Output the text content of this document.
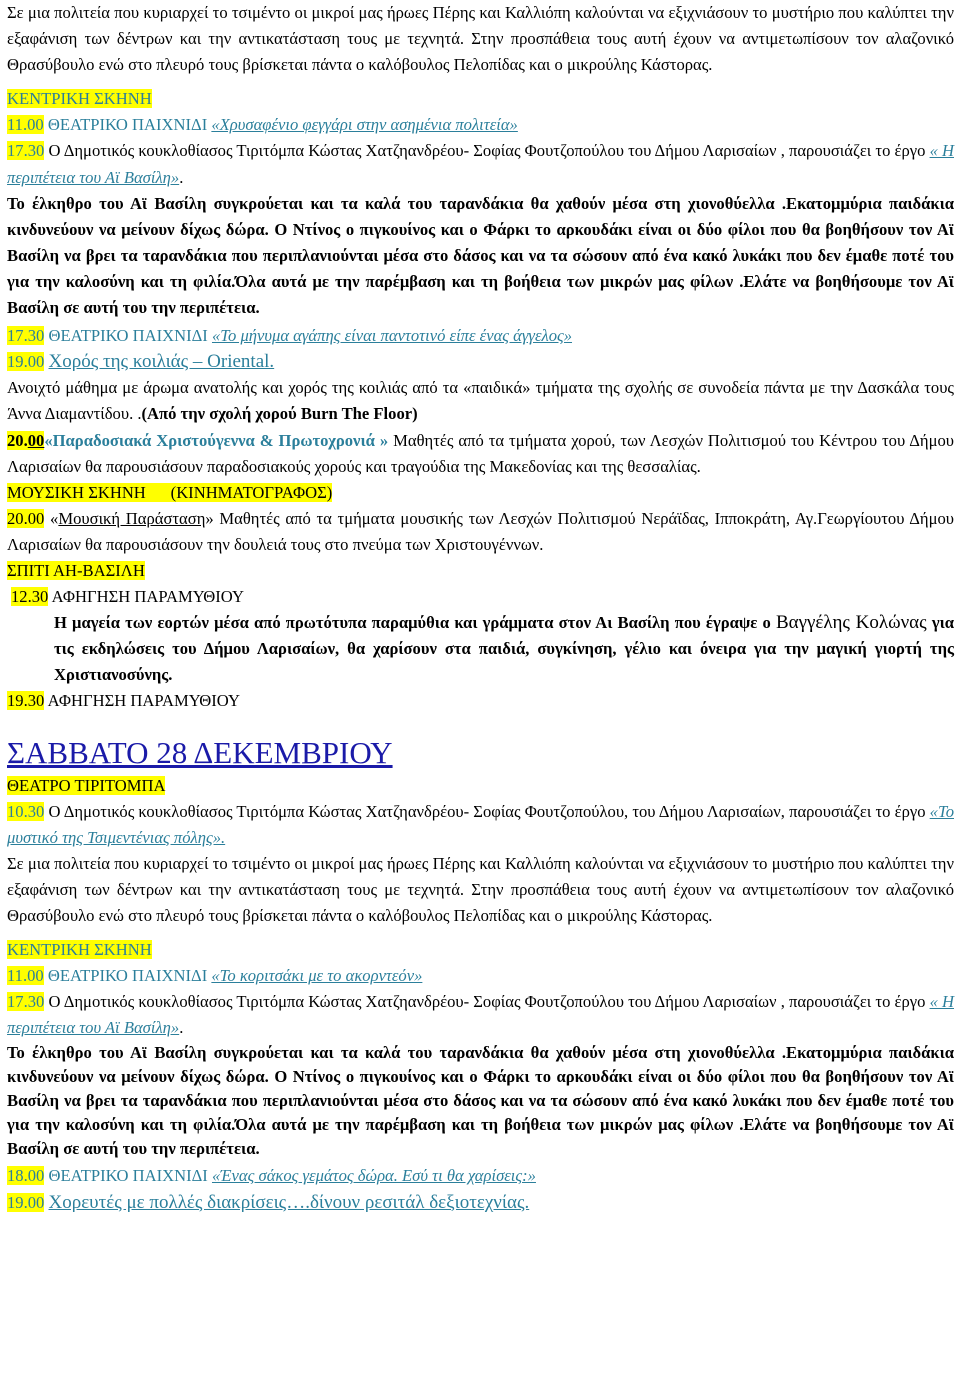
Σε μια πολιτεία που κυριαρχεί το τσιμέντο οι μικροί μας ήρωες Πέρης και Καλλιόπη καλούνται να εξιχνιάσουν το μυστήριο που καλύπτει την εξαφάνιση των δέντρων και την αντικατάσταση τους με τεχνητά. Στην προσπάθεια τους αυτή έχουν να αντιμετωπίσουν τον αλαζονικό Θρασύβουλο ενώ στο πλευρό τους βρίσκεται πάντα ο καλόβουλος Πελοπίδας και ο μικρούλης Κάστορας.

ΚΕΝΤΡΙΚΗ ΣΚΗΝΗ

11.00 ΘΕΑΤΡΙΚΟ ΠΑΙΧΝΙΔΙ «Χρυσαφένιο φεγγάρι στην ασημένια πολιτεία»

17.30 Ο Δημοτικός κουκλοθίασος Τιριτόμπα Κώστας Χατζηανδρέου- Σοφίας Φουτζοπούλου του Δήμου Λαρισαίων , παρουσιάζει το έργο « Η περιπέτεια του Αϊ Βασίλη».

Το έλκηθρο του Αϊ Βασίλη συγκρούεται και τα καλά του ταρανδάκια θα χαθούν μέσα στη χιονοθύελλα .Εκατομμύρια παιδάκια κινδυνεύουν να μείνουν δίχως δώρα. Ο Ντίνος ο πιγκουίνος και ο Φάρκι το αρκουδάκι είναι οι δύο φίλοι που θα βοηθήσουν τον Αϊ Βασίλη να βρει τα ταρανδάκια που περιπλανιούνται μέσα στο δάσος και να τα σώσουν από ένα κακό λυκάκι που δεν έμαθε ποτέ του για την καλοσύνη και τη φιλία.Όλα αυτά με την παρέμβαση και τη βοήθεια των μικρών μας φίλων .Ελάτε να βοηθήσουμε τον Αϊ Βασίλη σε αυτή του την περιπέτεια.

17.30 ΘΕΑΤΡΙΚΟ ΠΑΙΧΝΙΔΙ «Το μήνυμα αγάπης είναι παντοτινό είπε ένας άγγελος»

19.00 Χορός της κοιλιάς – Oriental.

Ανοιχτό μάθημα με άρωμα ανατολής και χορός της κοιλιάς από τα «παιδικά» τμήματα της σχολής σε συνοδεία πάντα με την Δασκάλα τους Άννα Διαμαντίδου. .(Από την σχολή χορού Burn The Floor)

20.00«Παραδοσιακά Χριστούγεννα & Πρωτοχρονιά » Μαθητές από τα τμήματα χορού, των Λεσχών Πολιτισμού του Κέντρου του Δήμου Λαρισαίων θα παρουσιάσουν παραδοσιακούς χορούς και τραγούδια της Μακεδονίας και της θεσσαλίας.

ΜΟΥΣΙΚΗ ΣΚΗΝΗ      (ΚΙΝΗΜΑΤΟΓΡΑΦΟΣ)

20.00 «Μουσική Παράσταση» Μαθητές από τα τμήματα μουσικής των Λεσχών Πολιτισμού Νεράϊδας, Ιπποκράτη, Αγ.Γεωργίουτου Δήμου Λαρισαίων θα παρουσιάσουν την δουλειά τους στο πνεύμα των Χριστουγέννων.

ΣΠΙΤΙ ΑΗ-ΒΑΣΙΛΗ

12.30 ΑΦΗΓΗΣΗ ΠΑΡΑΜΥΘΙΟΥ

Η μαγεία των εορτών μέσα από πρωτότυπα παραμύθια και γράμματα στον Αι Βασίλη που έγραψε ο Βαγγέλης Κολώνας για τις εκδηλώσεις του Δήμου Λαρισαίων, θα χαρίσουν στα παιδιά, συγκίνηση, γέλιο και όνειρα για την μαγική γιορτή της Χριστιανοσύνης.

19.30 ΑΦΗΓΗΣΗ ΠΑΡΑΜΥΘΙΟΥ

ΣΑΒΒΑΤΟ 28 ΔΕΚΕΜΒΡΙΟΥ

ΘΕΑΤΡΟ ΤΙΡΙΤΟΜΠΑ

10.30 Ο Δημοτικός κουκλοθίασος Τιριτόμπα Κώστας Χατζηανδρέου- Σοφίας Φουτζοπούλου, του Δήμου Λαρισαίων, παρουσιάζει το έργο «Το μυστικό της Τσιμεντένιας πόλης».

Σε μια πολιτεία που κυριαρχεί το τσιμέντο οι μικροί μας ήρωες Πέρης και Καλλιόπη καλούνται να εξιχνιάσουν το μυστήριο που καλύπτει την εξαφάνιση των δέντρων και την αντικατάσταση τους με τεχνητά. Στην προσπάθεια τους αυτή έχουν να αντιμετωπίσουν τον αλαζονικό Θρασύβουλο ενώ στο πλευρό τους βρίσκεται πάντα ο καλόβουλος Πελοπίδας και ο μικρούλης Κάστορας.

ΚΕΝΤΡΙΚΗ ΣΚΗΝΗ

11.00 ΘΕΑΤΡΙΚΟ ΠΑΙΧΝΙΔΙ «Το κοριτσάκι με το ακορντεόν»

17.30 Ο Δημοτικός κουκλοθίασος Τιριτόμπα Κώστας Χατζηανδρέου- Σοφίας Φουτζοπούλου του Δήμου Λαρισαίων , παρουσιάζει το έργο « Η περιπέτεια του Αϊ Βασίλη».

Το έλκηθρο του Αϊ Βασίλη συγκρούεται και τα καλά του ταρανδάκια θα χαθούν μέσα στη χιονοθύελλα .Εκατομμύρια παιδάκια κινδυνεύουν να μείνουν δίχως δώρα. Ο Ντίνος ο πιγκουίνος και ο Φάρκι το αρκουδάκι είναι οι δύο φίλοι που θα βοηθήσουν τον Αϊ Βασίλη να βρει τα ταρανδάκια που περιπλανιούνται μέσα στο δάσος και να τα σώσουν από ένα κακό λυκάκι που δεν έμαθε ποτέ του για την καλοσύνη και τη φιλία.Όλα αυτά με την παρέμβαση και τη βοήθεια των μικρών μας φίλων .Ελάτε να βοηθήσουμε τον Αϊ Βασίλη σε αυτή του την περιπέτεια.

18.00 ΘΕΑΤΡΙΚΟ ΠΑΙΧΝΙΔΙ «Ένας σάκος γεμάτος δώρα. Εσύ τι θα χαρίσεις:»

19.00 Χορευτές με πολλές διακρίσεις….δίνουν ρεσιτάλ δεξιοτεχνίας.
